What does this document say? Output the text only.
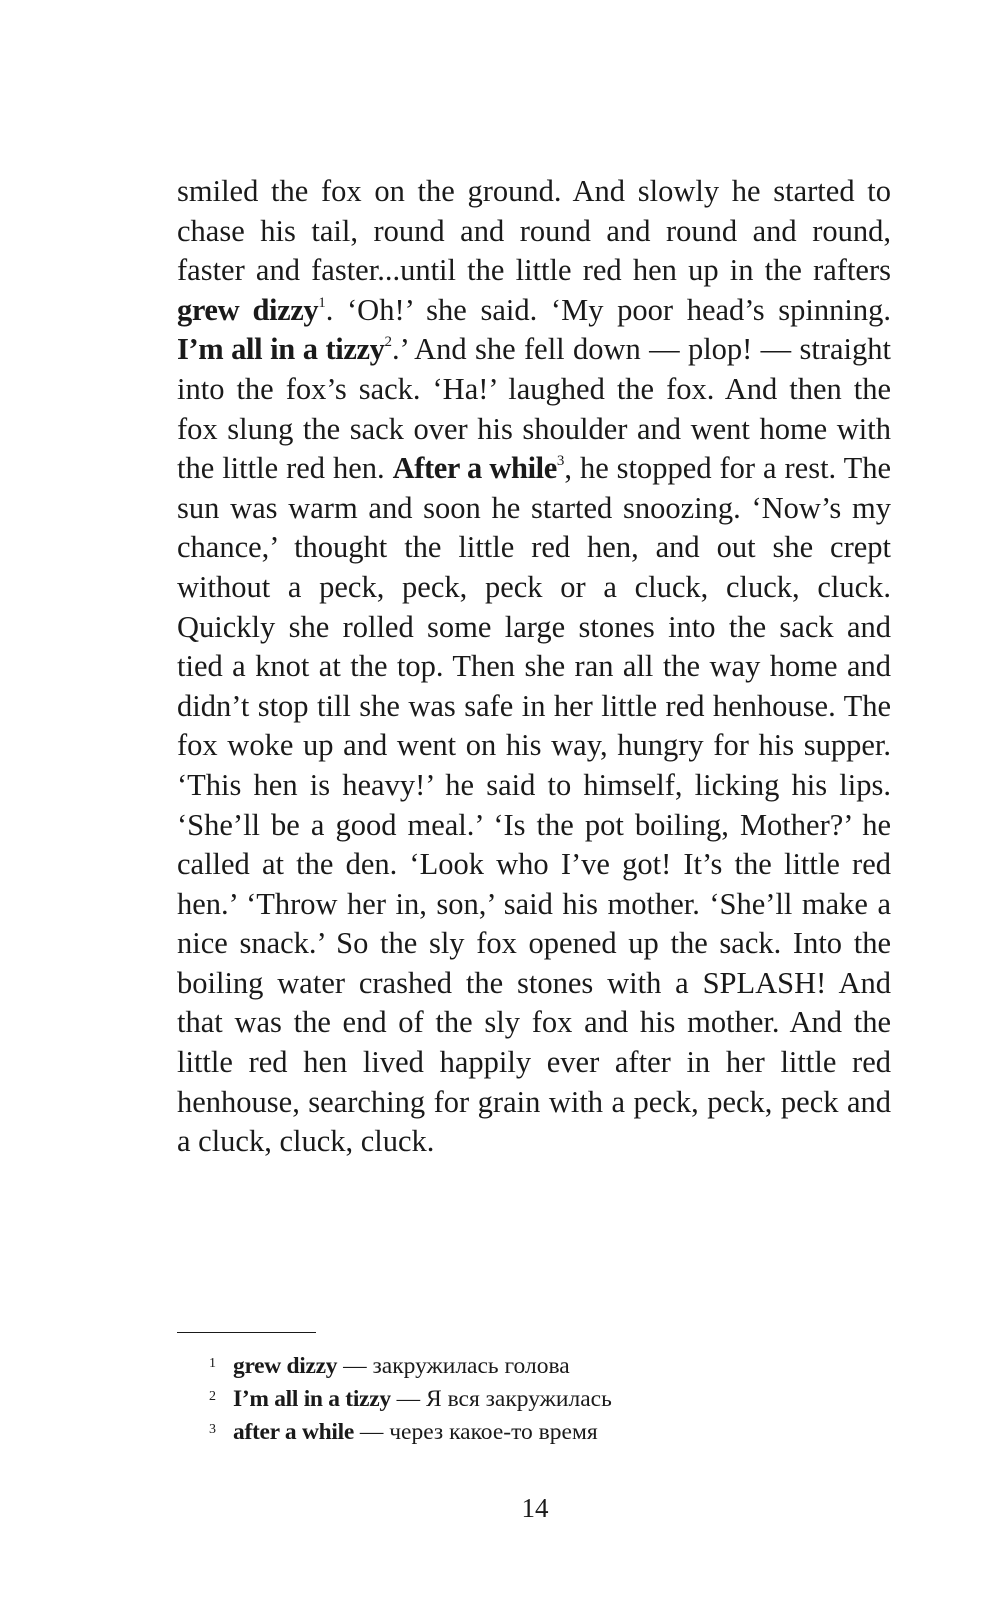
smiled the fox on the ground. And slowly he started to chase his tail, round and round and round and round, faster and faster...until the little red hen up in the rafters grew dizzy$^1$. ‘Oh!’ she said. ‘My poor head’s spinning. I’m all in a tizzy$^2$.’ And she fell down — plop! — straight into the fox’s sack. ‘Ha!’ laughed the fox. And then the fox slung the sack over his shoulder and went home with the little red hen. After a while$^3$, he stopped for a rest. The sun was warm and soon he started snoozing. ‘Now’s my chance,’ thought the little red hen, and out she crept without a peck, peck, peck or a cluck, cluck, cluck. Quickly she rolled some large stones into the sack and tied a knot at the top. Then she ran all the way home and didn’t stop till she was safe in her little red henhouse. The fox woke up and went on his way, hungry for his supper. ‘This hen is heavy!’ he said to himself, licking his lips. ‘She’ll be a good meal.’ ‘Is the pot boiling, Mother?’ he called at the den. ‘Look who I’ve got! It’s the little red hen.’ ‘Throw her in, son,’ said his mother. ‘She’ll make a nice snack.’ So the sly fox opened up the sack. Into the boiling water crashed the stones with a SPLASH! And that was the end of the sly fox and his mother. And the little red hen lived happily ever after in her little red henhouse, searching for grain with a peck, peck, peck and a cluck, cluck, cluck.

1 grew dizzy — закружилась голова
2 I’m all in a tizzy — Я вся закружилась
3 after a while — через какое-то время
14
